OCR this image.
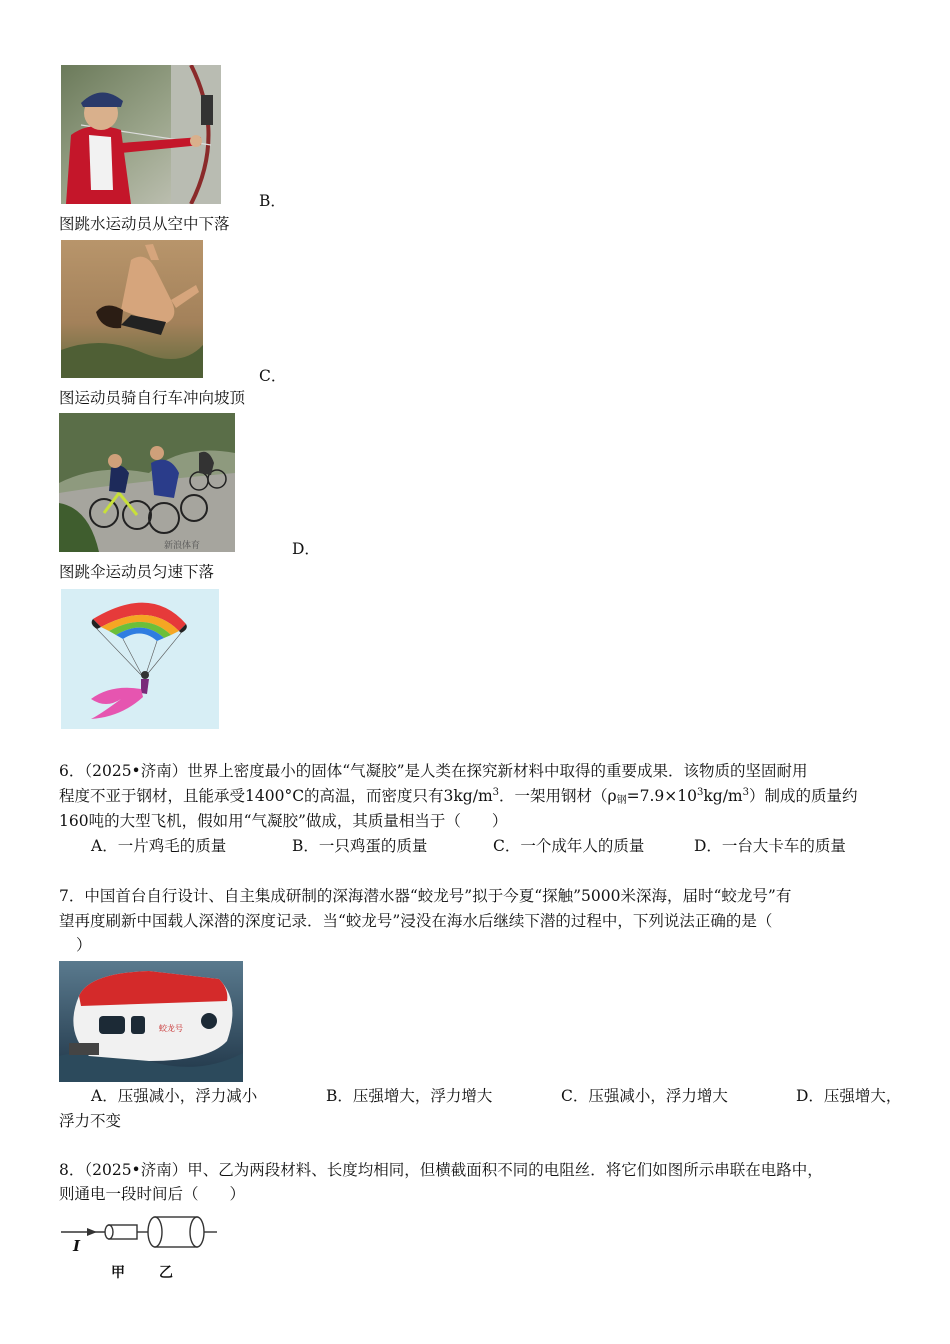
B．
图跳水运动员从空中下落
C．
图运动员骑自行车冲向坡顶
新浪体育	D．
图跳伞运动员匀速下落
6．（2025•济南）世界上密度最小的固体“气凝胶”是人类在探究新材料中取得的重要成果．该物质的坚固耐用
程度不亚于钢材，且能承受1400°C的高温，而密度只有$3kg/m^3$．一架用钢材$(\rho_钢=7.9\times 10^3kg/m^3)$制成的质量约
160吨的大型飞机，假如用“气凝胶”做成，其质量相当于（　　）
A．一片鸡毛的质量	B．一只鸡蛋的质量	C．一个成年人的质量	D．一台大卡车的质量
7．中国首台自行设计、自主集成研制的深海潜水器“蛟龙号”拟于今夏“探触”5000米深海，届时“蛟龙号”有
望再度刷新中国载人深潜的深度记录．当“蛟龙号”浸没在海水后继续下潜的过程中，下列说法正确的是（
）
蛟龙号
A．压强减小，浮力减小	B．压强增大，浮力增大	C．压强减小，浮力增大	D．压强增大，
浮力不变
8．（2025•济南）甲、乙为两段材料、长度均相同，但横截面积不同的电阻丝．将它们如图所示串联在电路中，
则通电一段时间后（　　）
I
甲 乙
